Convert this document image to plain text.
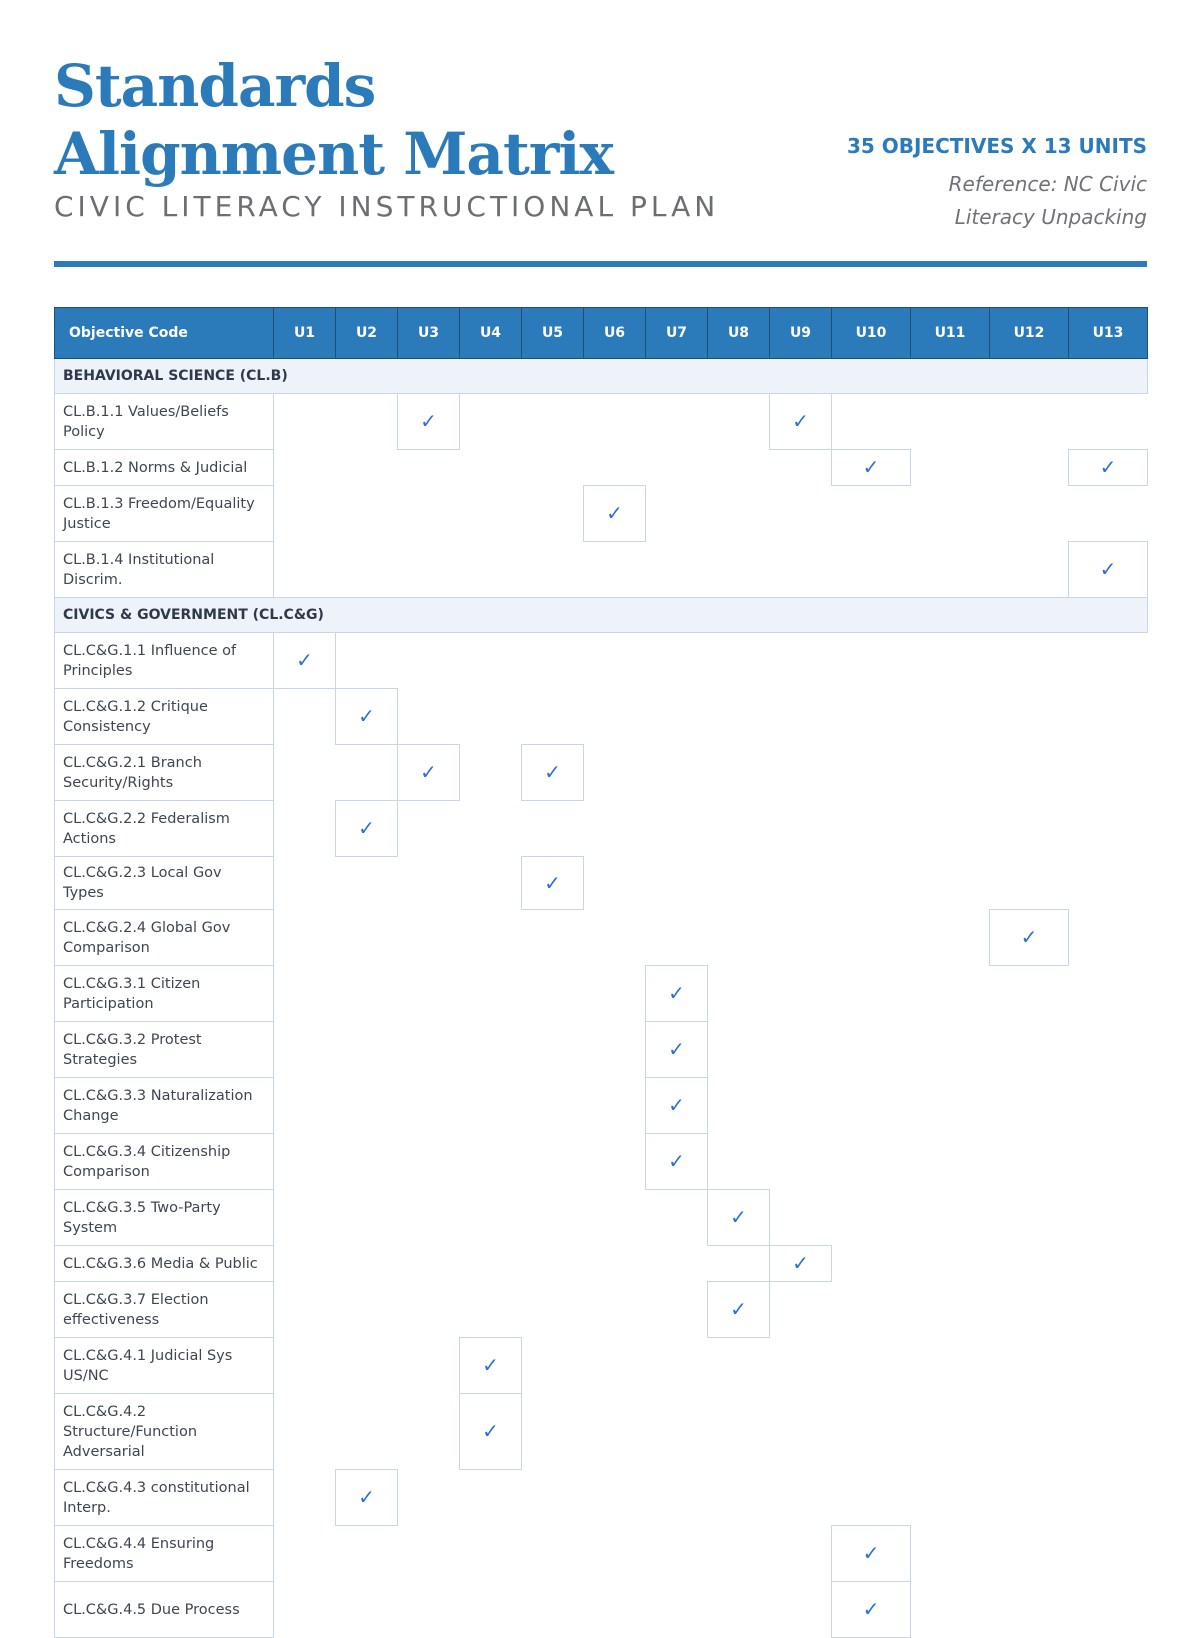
Standards Alignment Matrix
CIVIC LITERACY INSTRUCTIONAL PLAN
35 OBJECTIVES X 13 UNITS
Reference: NC Civic Literacy Unpacking
Objective Code	U1	U2	U3	U4	U5	U6	U7	U8	U9	U10	U11	U12	U13
BEHAVIORAL SCIENCE (CL.B)													
CL.B.1.1 Values/Beliefs Policy			✓						✓				
CL.B.1.2 Norms & Judicial										✓			✓
CL.B.1.3 Freedom/Equality Justice						✓							
CL.B.1.4 Institutional Discrim.													✓
CIVICS & GOVERNMENT (CL.C&G)													
CL.C&G.1.1 Influence of Principles	✓												
CL.C&G.1.2 Critique Consistency		✓											
CL.C&G.2.1 Branch Security/Rights			✓		✓								
CL.C&G.2.2 Federalism Actions		✓											
CL.C&G.2.3 Local Gov Types					✓								
CL.C&G.2.4 Global Gov Comparison												✓	
CL.C&G.3.1 Citizen Participation							✓						
CL.C&G.3.2 Protest Strategies							✓						
CL.C&G.3.3 Naturalization Change							✓						
CL.C&G.3.4 Citizenship Comparison							✓						
CL.C&G.3.5 Two-Party System								✓					
CL.C&G.3.6 Media & Public									✓				
CL.C&G.3.7 Election effectiveness								✓					
CL.C&G.4.1 Judicial Sys US/NC				✓									
CL.C&G.4.2 Structure/Function Adversarial				✓									
CL.C&G.4.3 constitutional Interp.		✓											
CL.C&G.4.4 Ensuring Freedoms										✓			
CL.C&G.4.5 Due Process										✓			
